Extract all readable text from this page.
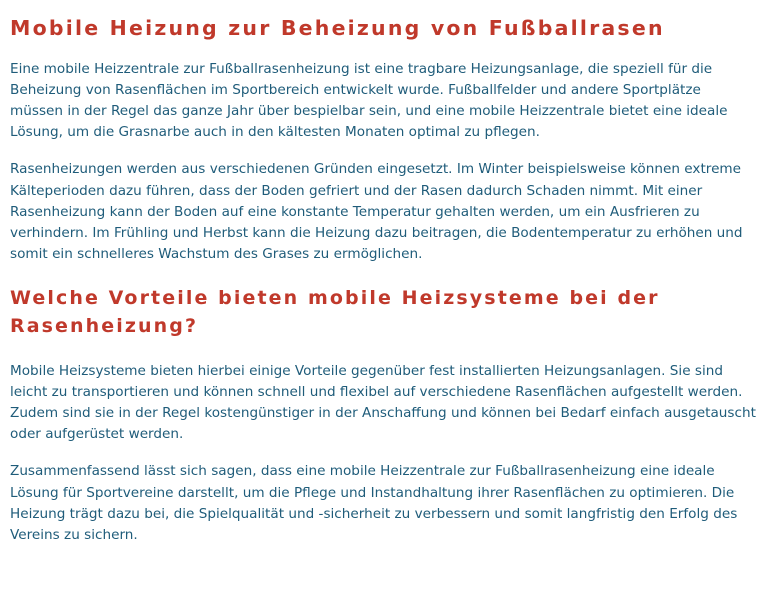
Mobile Heizung zur Beheizung von Fußballrasen

Eine mobile Heizzentrale zur Fußballrasenheizung ist eine tragbare Heizungsanlage, die speziell für die Beheizung von Rasenflächen im Sportbereich entwickelt wurde. Fußballfelder und andere Sportplätze müssen in der Regel das ganze Jahr über bespielbar sein, und eine mobile Heizzentrale bietet eine ideale Lösung, um die Grasnarbe auch in den kältesten Monaten optimal zu pflegen.

Rasenheizungen werden aus verschiedenen Gründen eingesetzt. Im Winter beispielsweise können extreme Kälteperioden dazu führen, dass der Boden gefriert und der Rasen dadurch Schaden nimmt. Mit einer Rasenheizung kann der Boden auf eine konstante Temperatur gehalten werden, um ein Ausfrieren zu verhindern. Im Frühling und Herbst kann die Heizung dazu beitragen, die Bodentemperatur zu erhöhen und somit ein schnelleres Wachstum des Grases zu ermöglichen.

Welche Vorteile bieten mobile Heizsysteme bei der Rasenheizung?

Mobile Heizsysteme bieten hierbei einige Vorteile gegenüber fest installierten Heizungsanlagen. Sie sind leicht zu transportieren und können schnell und flexibel auf verschiedene Rasenflächen aufgestellt werden. Zudem sind sie in der Regel kostengünstiger in der Anschaffung und können bei Bedarf einfach ausgetauscht oder aufgerüstet werden.

Zusammenfassend lässt sich sagen, dass eine mobile Heizzentrale zur Fußballrasenheizung eine ideale Lösung für Sportvereine darstellt, um die Pflege und Instandhaltung ihrer Rasenflächen zu optimieren. Die Heizung trägt dazu bei, die Spielqualität und -sicherheit zu verbessern und somit langfristig den Erfolg des Vereins zu sichern.
